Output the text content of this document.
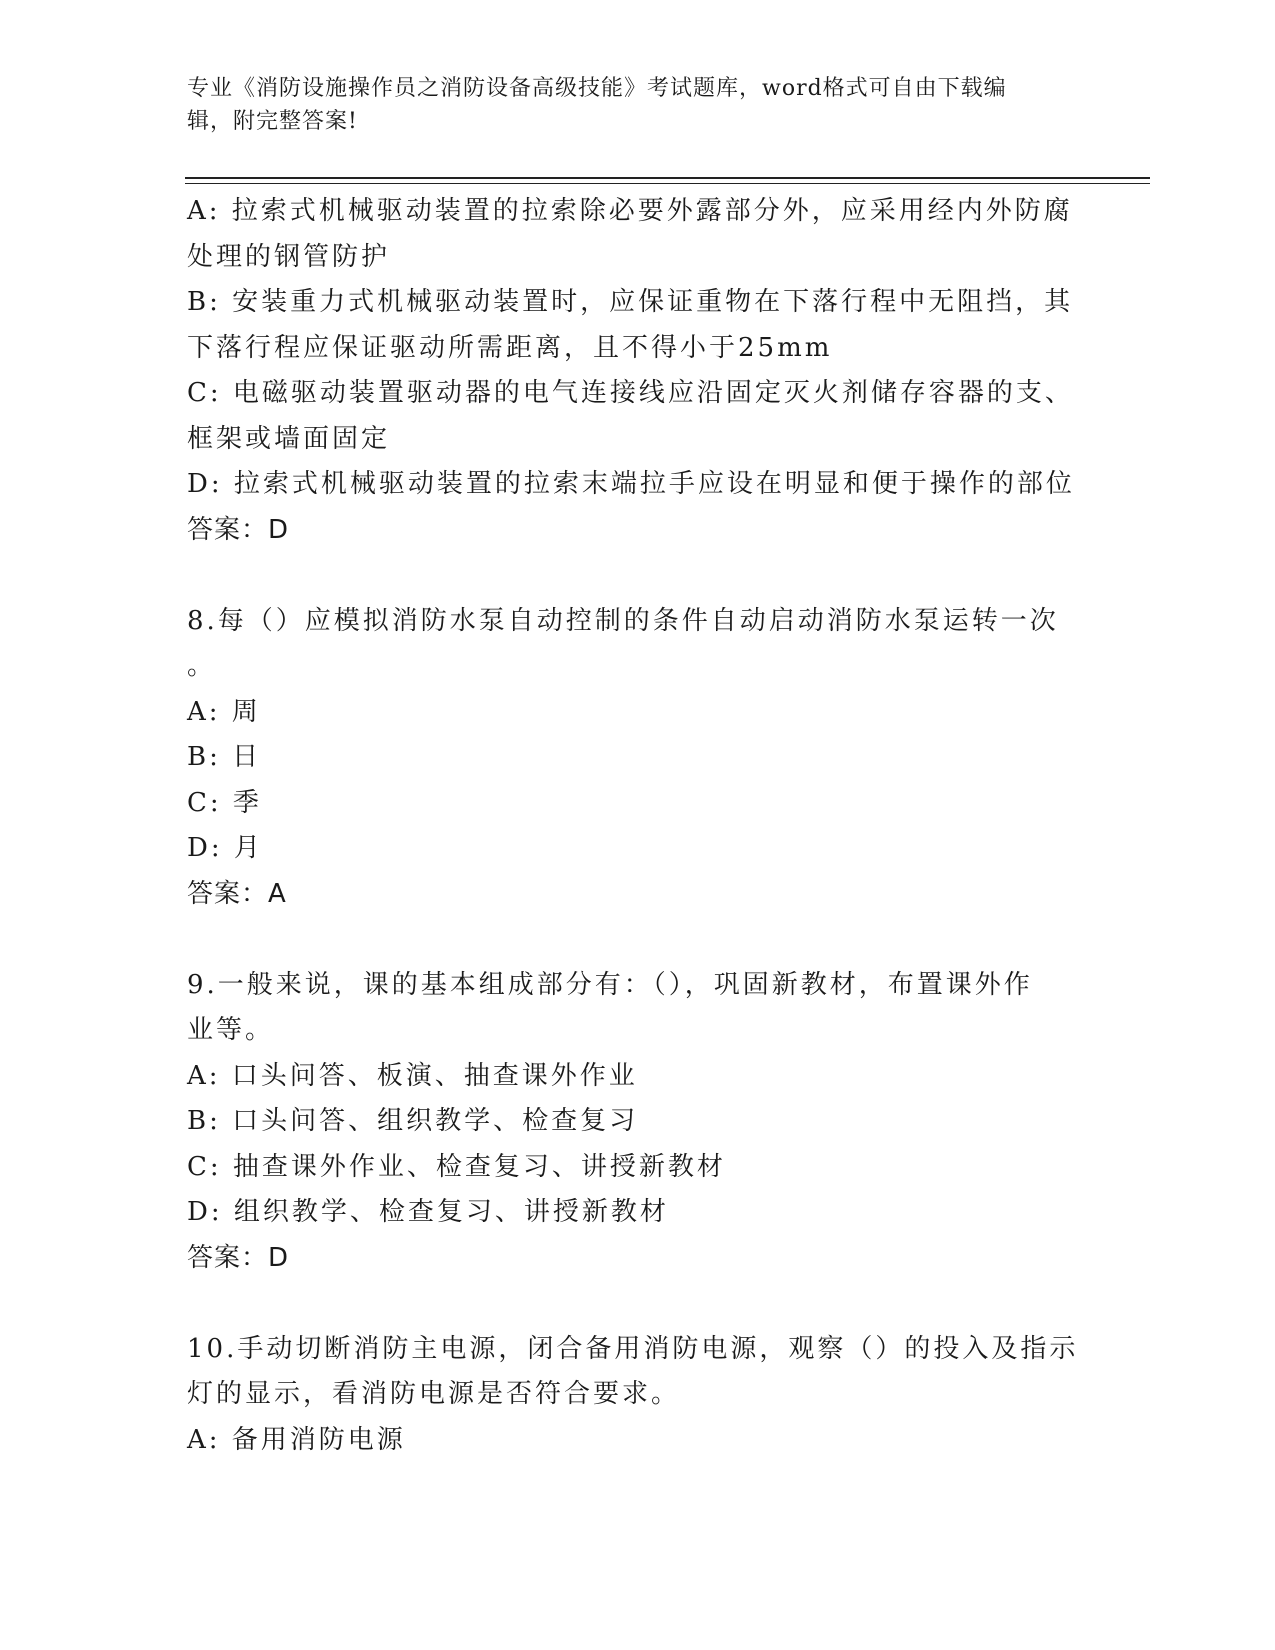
专业《消防设施操作员之消防设备高级技能》考试题库，word格式可自由下载编
辑，附完整答案!
A: 拉索式机械驱动装置的拉索除必要外露部分外，应采用经内外防腐
处理的钢管防护
B: 安装重力式机械驱动装置时，应保证重物在下落行程中无阻挡，其
下落行程应保证驱动所需距离，且不得小于25mm
C: 电磁驱动装置驱动器的电气连接线应沿固定灭火剂储存容器的支、
框架或墙面固定
D: 拉索式机械驱动装置的拉索末端拉手应设在明显和便于操作的部位
答案：D
8.每（）应模拟消防水泵自动控制的条件自动启动消防水泵运转一次
。
A: 周
B: 日
C: 季
D: 月
答案：A
9.一般来说，课的基本组成部分有：（），巩固新教材，布置课外作
业等。
A: 口头问答、板演、抽查课外作业
B: 口头问答、组织教学、检查复习
C: 抽查课外作业、检查复习、讲授新教材
D: 组织教学、检查复习、讲授新教材
答案：D
10.手动切断消防主电源，闭合备用消防电源，观察（）的投入及指示
灯的显示，看消防电源是否符合要求。
A: 备用消防电源
